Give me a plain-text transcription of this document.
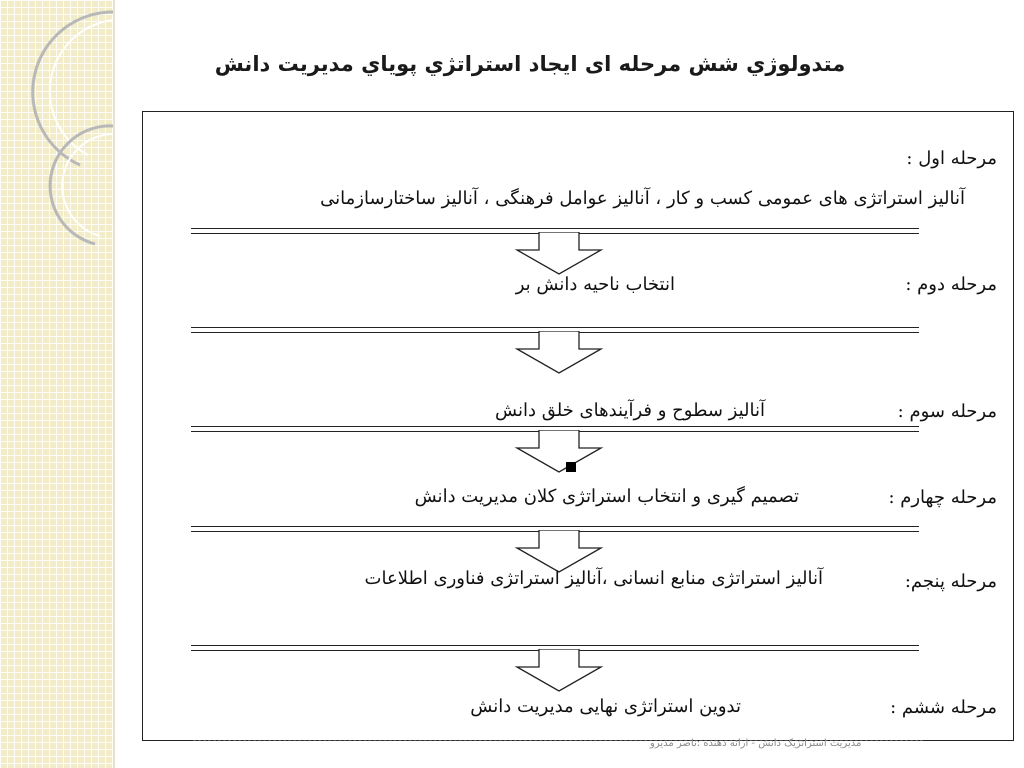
متدولوژي شش مرحله ای ایجاد استراتژي پوياي مديريت دانش
مرحله اول :
آنالیز استراتژی های عمومی کسب و کار ، آنالیز عوامل فرهنگی ، آنالیز ساختارسازمانی
مرحله دوم :
انتخاب ناحیه دانش بر
مرحله سوم :
آنالیز سطوح و فرآیندهای خلق دانش
مرحله چهارم :
تصمیم گیری و انتخاب استراتژی کلان مدیریت دانش
مرحله پنجم:
آنالیز استراتژی منابع انسانی ،آنالیز استراتژی فناوری اطلاعات
مرحله ششم :
تدوین استراتژی نهایی مدیریت دانش
مديريت استراتژيک دانش - ارائه دهنده :ناصر مديرو
